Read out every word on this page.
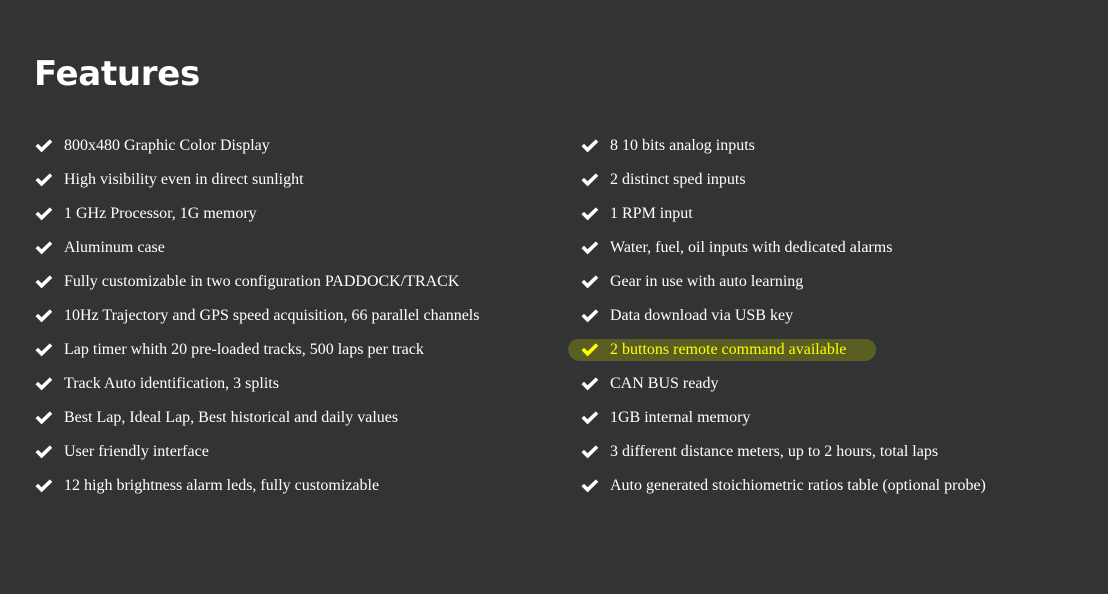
Features
800x480 Graphic Color Display
High visibility even in direct sunlight
1 GHz Processor, 1G memory
Aluminum case
Fully customizable in two configuration PADDOCK/TRACK
10Hz Trajectory and GPS speed acquisition, 66 parallel channels
Lap timer whith 20 pre-loaded tracks, 500 laps per track
Track Auto identification, 3 splits
Best Lap, Ideal Lap, Best historical and daily values
User friendly interface
12 high brightness alarm leds, fully customizable
8 10 bits analog inputs
2 distinct sped inputs
1 RPM input
Water, fuel, oil inputs with dedicated alarms
Gear in use with auto learning
Data download via USB key
2 buttons remote command available
CAN BUS ready
1GB internal memory
3 different distance meters, up to 2 hours, total laps
Auto generated stoichiometric ratios table (optional probe)
